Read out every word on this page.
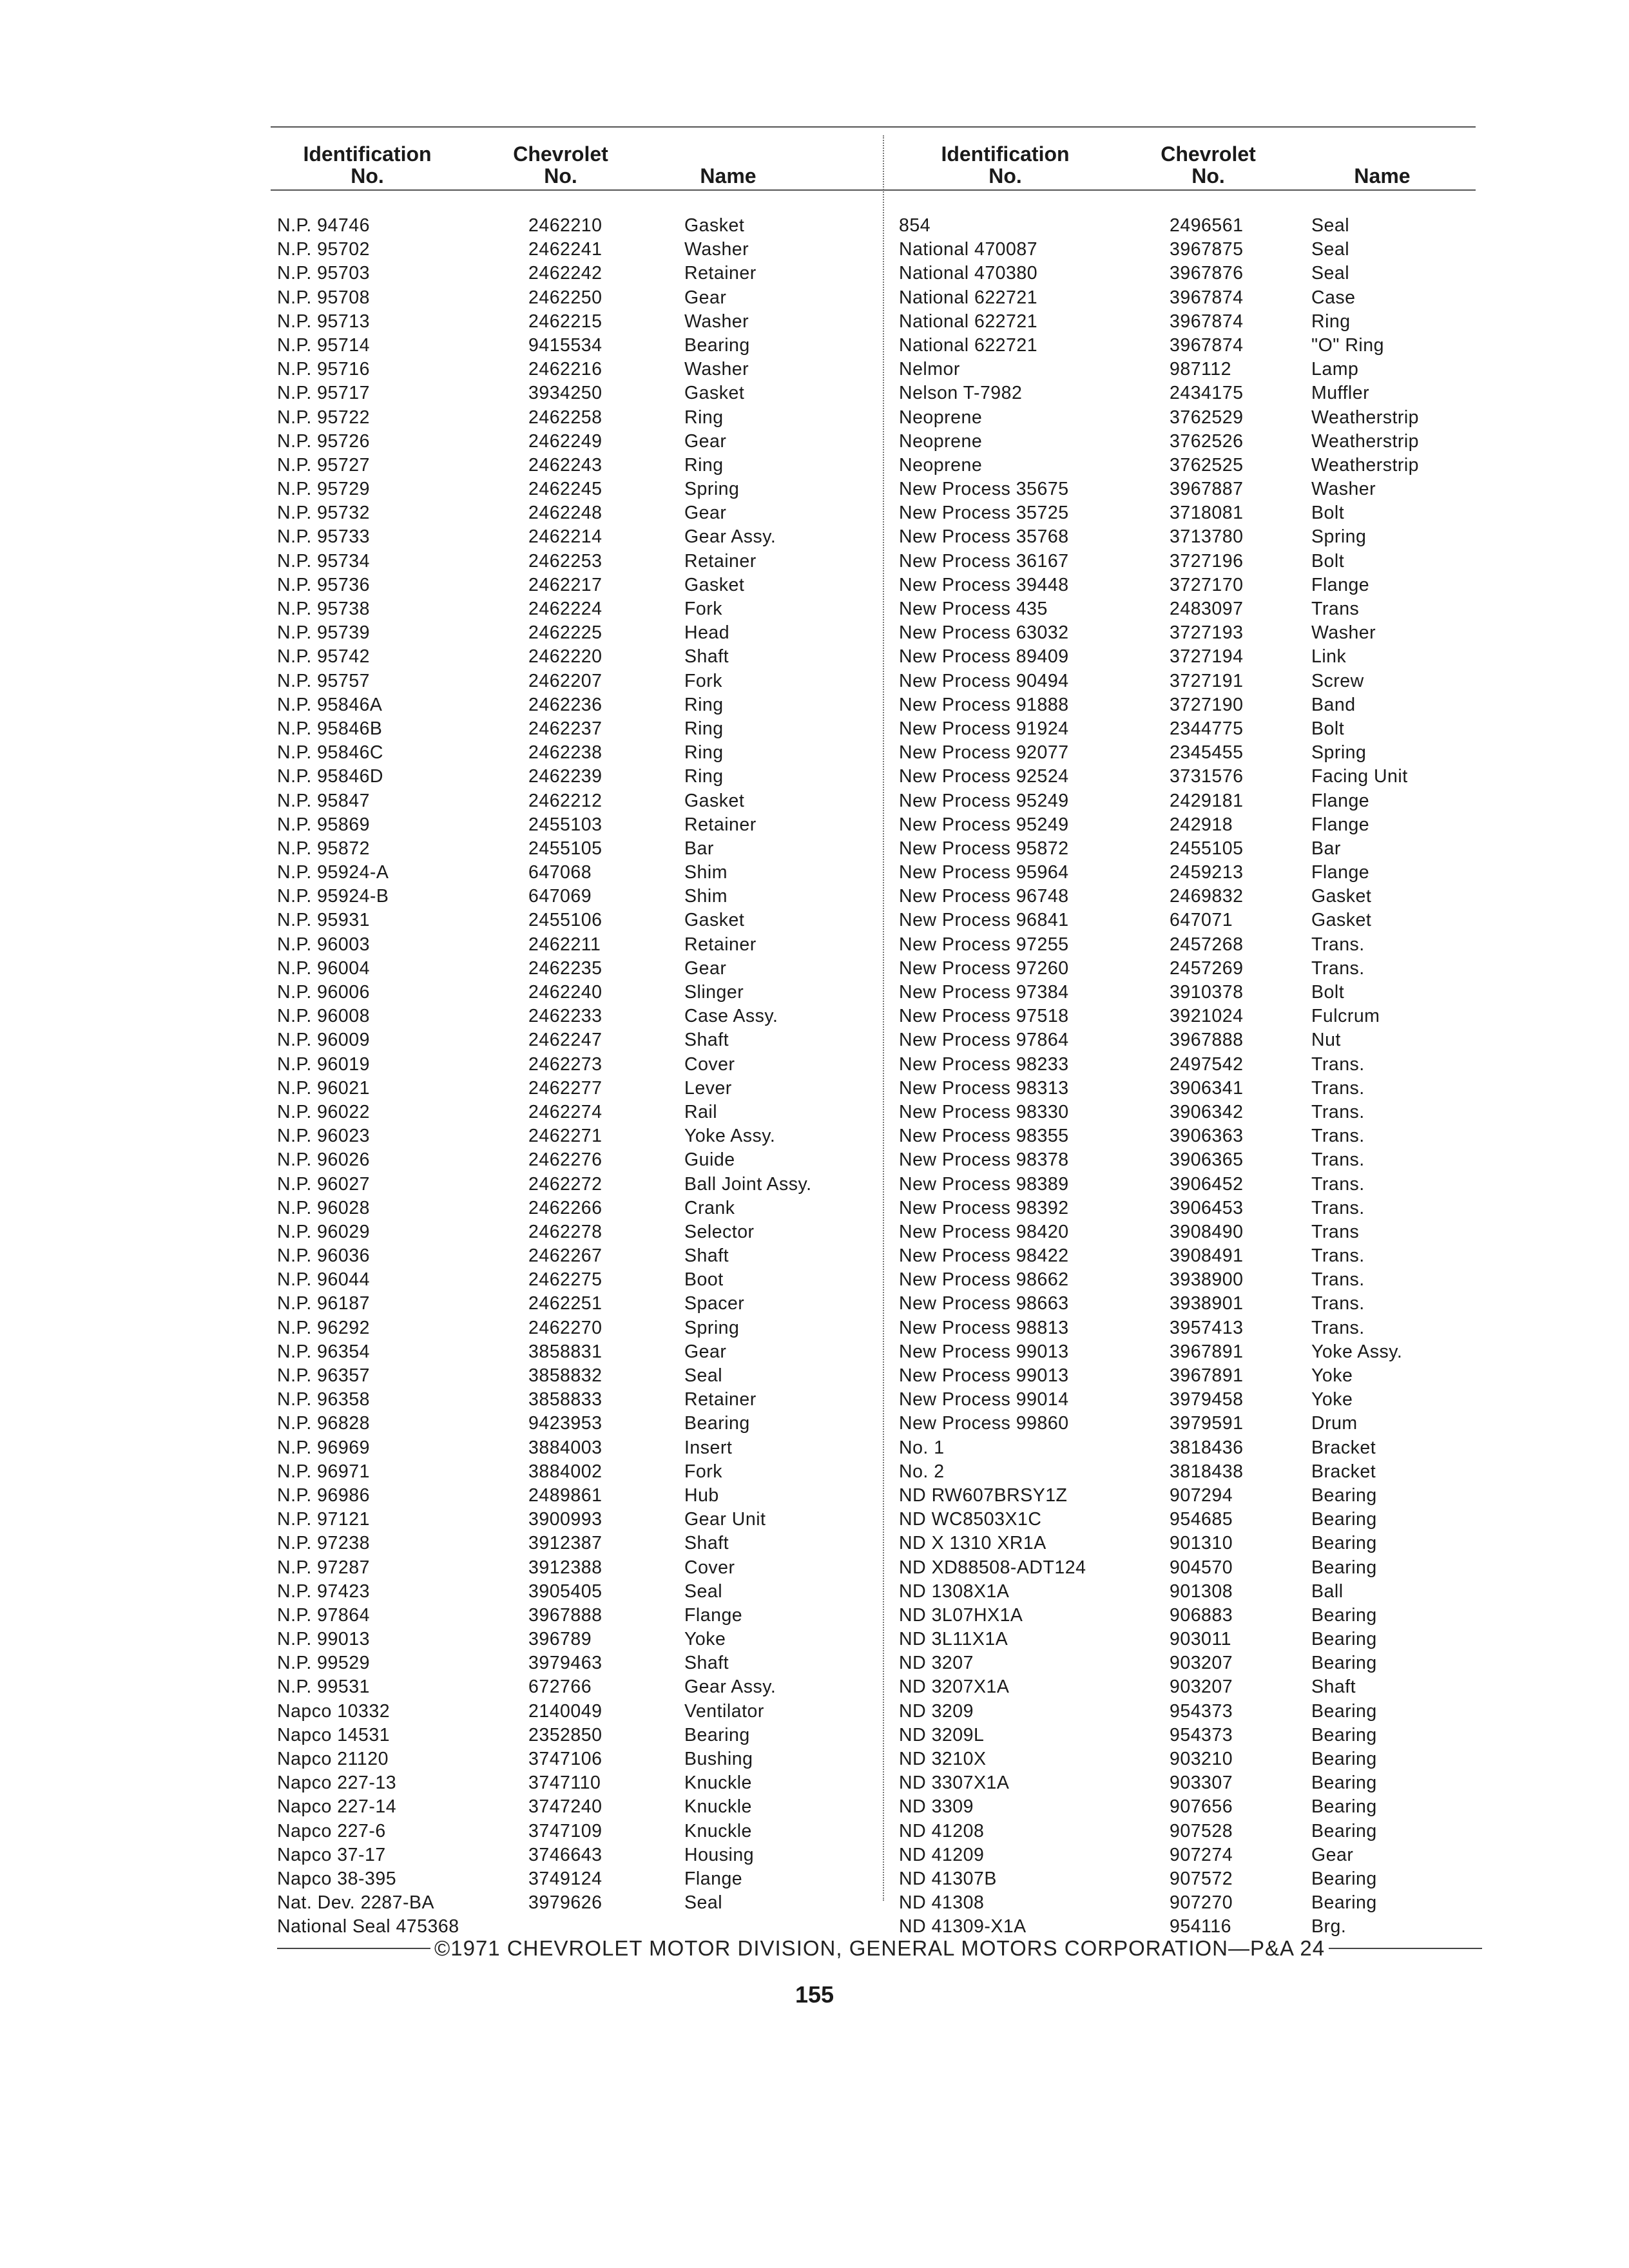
Identification
No.
Chevrolet
No.	Name
N.P. 94746	2462210	Gasket
N.P. 95702	2462241	Washer
N.P. 95703	2462242	Retainer
N.P. 95708	2462250	Gear
N.P. 95713	2462215	Washer
N.P. 95714	9415534	Bearing
N.P. 95716	2462216	Washer
N.P. 95717	3934250	Gasket
N.P. 95722	2462258	Ring
N.P. 95726	2462249	Gear
N.P. 95727	2462243	Ring
N.P. 95729	2462245	Spring
N.P. 95732	2462248	Gear
N.P. 95733	2462214	Gear Assy.
N.P. 95734	2462253	Retainer
N.P. 95736	2462217	Gasket
N.P. 95738	2462224	Fork
N.P. 95739	2462225	Head
N.P. 95742	2462220	Shaft
N.P. 95757	2462207	Fork
N.P. 95846A	2462236	Ring
N.P. 95846B	2462237	Ring
N.P. 95846C	2462238	Ring
N.P. 95846D	2462239	Ring
N.P. 95847	2462212	Gasket
N.P. 95869	2455103	Retainer
N.P. 95872	2455105	Bar
N.P. 95924-A	647068	Shim
N.P. 95924-B	647069	Shim
N.P. 95931	2455106	Gasket
N.P. 96003	2462211	Retainer
N.P. 96004	2462235	Gear
N.P. 96006	2462240	Slinger
N.P. 96008	2462233	Case Assy.
N.P. 96009	2462247	Shaft
N.P. 96019	2462273	Cover
N.P. 96021	2462277	Lever
N.P. 96022	2462274	Rail
N.P. 96023	2462271	Yoke Assy.
N.P. 96026	2462276	Guide
N.P. 96027	2462272	Ball Joint Assy.
N.P. 96028	2462266	Crank
N.P. 96029	2462278	Selector
N.P. 96036	2462267	Shaft
N.P. 96044	2462275	Boot
N.P. 96187	2462251	Spacer
N.P. 96292	2462270	Spring
N.P. 96354	3858831	Gear
N.P. 96357	3858832	Seal
N.P. 96358	3858833	Retainer
N.P. 96828	9423953	Bearing
N.P. 96969	3884003	Insert
N.P. 96971	3884002	Fork
N.P. 96986	2489861	Hub
N.P. 97121	3900993	Gear Unit
N.P. 97238	3912387	Shaft
N.P. 97287	3912388	Cover
N.P. 97423	3905405	Seal
N.P. 97864	3967888	Flange
N.P. 99013	396789	Yoke
N.P. 99529	3979463	Shaft
N.P. 99531	672766	Gear Assy.
Napco 10332	2140049	Ventilator
Napco 14531	2352850	Bearing
Napco 21120	3747106	Bushing
Napco 227-13	3747110	Knuckle
Napco 227-14	3747240	Knuckle
Napco 227-6	3747109	Knuckle
Napco 37-17	3746643	Housing
Napco 38-395	3749124	Flange
Nat. Dev. 2287-BA	3979626	Seal
National Seal 475368
Identification
No.
Chevrolet
No.	Name
854	2496561	Seal
National 470087	3967875	Seal
National 470380	3967876	Seal
National 622721	3967874	Case
National 622721	3967874	Ring
National 622721	3967874	"O" Ring
Nelmor	987112	Lamp
Nelson T-7982	2434175	Muffler
Neoprene	3762529	Weatherstrip
Neoprene	3762526	Weatherstrip
Neoprene	3762525	Weatherstrip
New Process 35675	3967887	Washer
New Process 35725	3718081	Bolt
New Process 35768	3713780	Spring
New Process 36167	3727196	Bolt
New Process 39448	3727170	Flange
New Process 435	2483097	Trans
New Process 63032	3727193	Washer
New Process 89409	3727194	Link
New Process 90494	3727191	Screw
New Process 91888	3727190	Band
New Process 91924	2344775	Bolt
New Process 92077	2345455	Spring
New Process 92524	3731576	Facing Unit
New Process 95249	2429181	Flange
New Process 95249	242918	Flange
New Process 95872	2455105	Bar
New Process 95964	2459213	Flange
New Process 96748	2469832	Gasket
New Process 96841	647071	Gasket
New Process 97255	2457268	Trans.
New Process 97260	2457269	Trans.
New Process 97384	3910378	Bolt
New Process 97518	3921024	Fulcrum
New Process 97864	3967888	Nut
New Process 98233	2497542	Trans.
New Process 98313	3906341	Trans.
New Process 98330	3906342	Trans.
New Process 98355	3906363	Trans.
New Process 98378	3906365	Trans.
New Process 98389	3906452	Trans.
New Process 98392	3906453	Trans.
New Process 98420	3908490	Trans
New Process 98422	3908491	Trans.
New Process 98662	3938900	Trans.
New Process 98663	3938901	Trans.
New Process 98813	3957413	Trans.
New Process 99013	3967891	Yoke Assy.
New Process 99013	3967891	Yoke
New Process 99014	3979458	Yoke
New Process 99860	3979591	Drum
No. 1	3818436	Bracket
No. 2	3818438	Bracket
ND RW607BRSY1Z	907294	Bearing
ND WC8503X1C	954685	Bearing
ND X 1310 XR1A	901310	Bearing
ND XD88508-ADT124	904570	Bearing
ND 1308X1A	901308	Ball
ND 3L07HX1A	906883	Bearing
ND 3L11X1A	903011	Bearing
ND 3207	903207	Bearing
ND 3207X1A	903207	Shaft
ND 3209	954373	Bearing
ND 3209L	954373	Bearing
ND 3210X	903210	Bearing
ND 3307X1A	903307	Bearing
ND 3309	907656	Bearing
ND 41208	907528	Bearing
ND 41209	907274	Gear
ND 41307B	907572	Bearing
ND 41308	907270	Bearing
ND 41309-X1A	954116	Brg.
©1971 CHEVROLET MOTOR DIVISION, GENERAL MOTORS CORPORATION—P&A 24
155
